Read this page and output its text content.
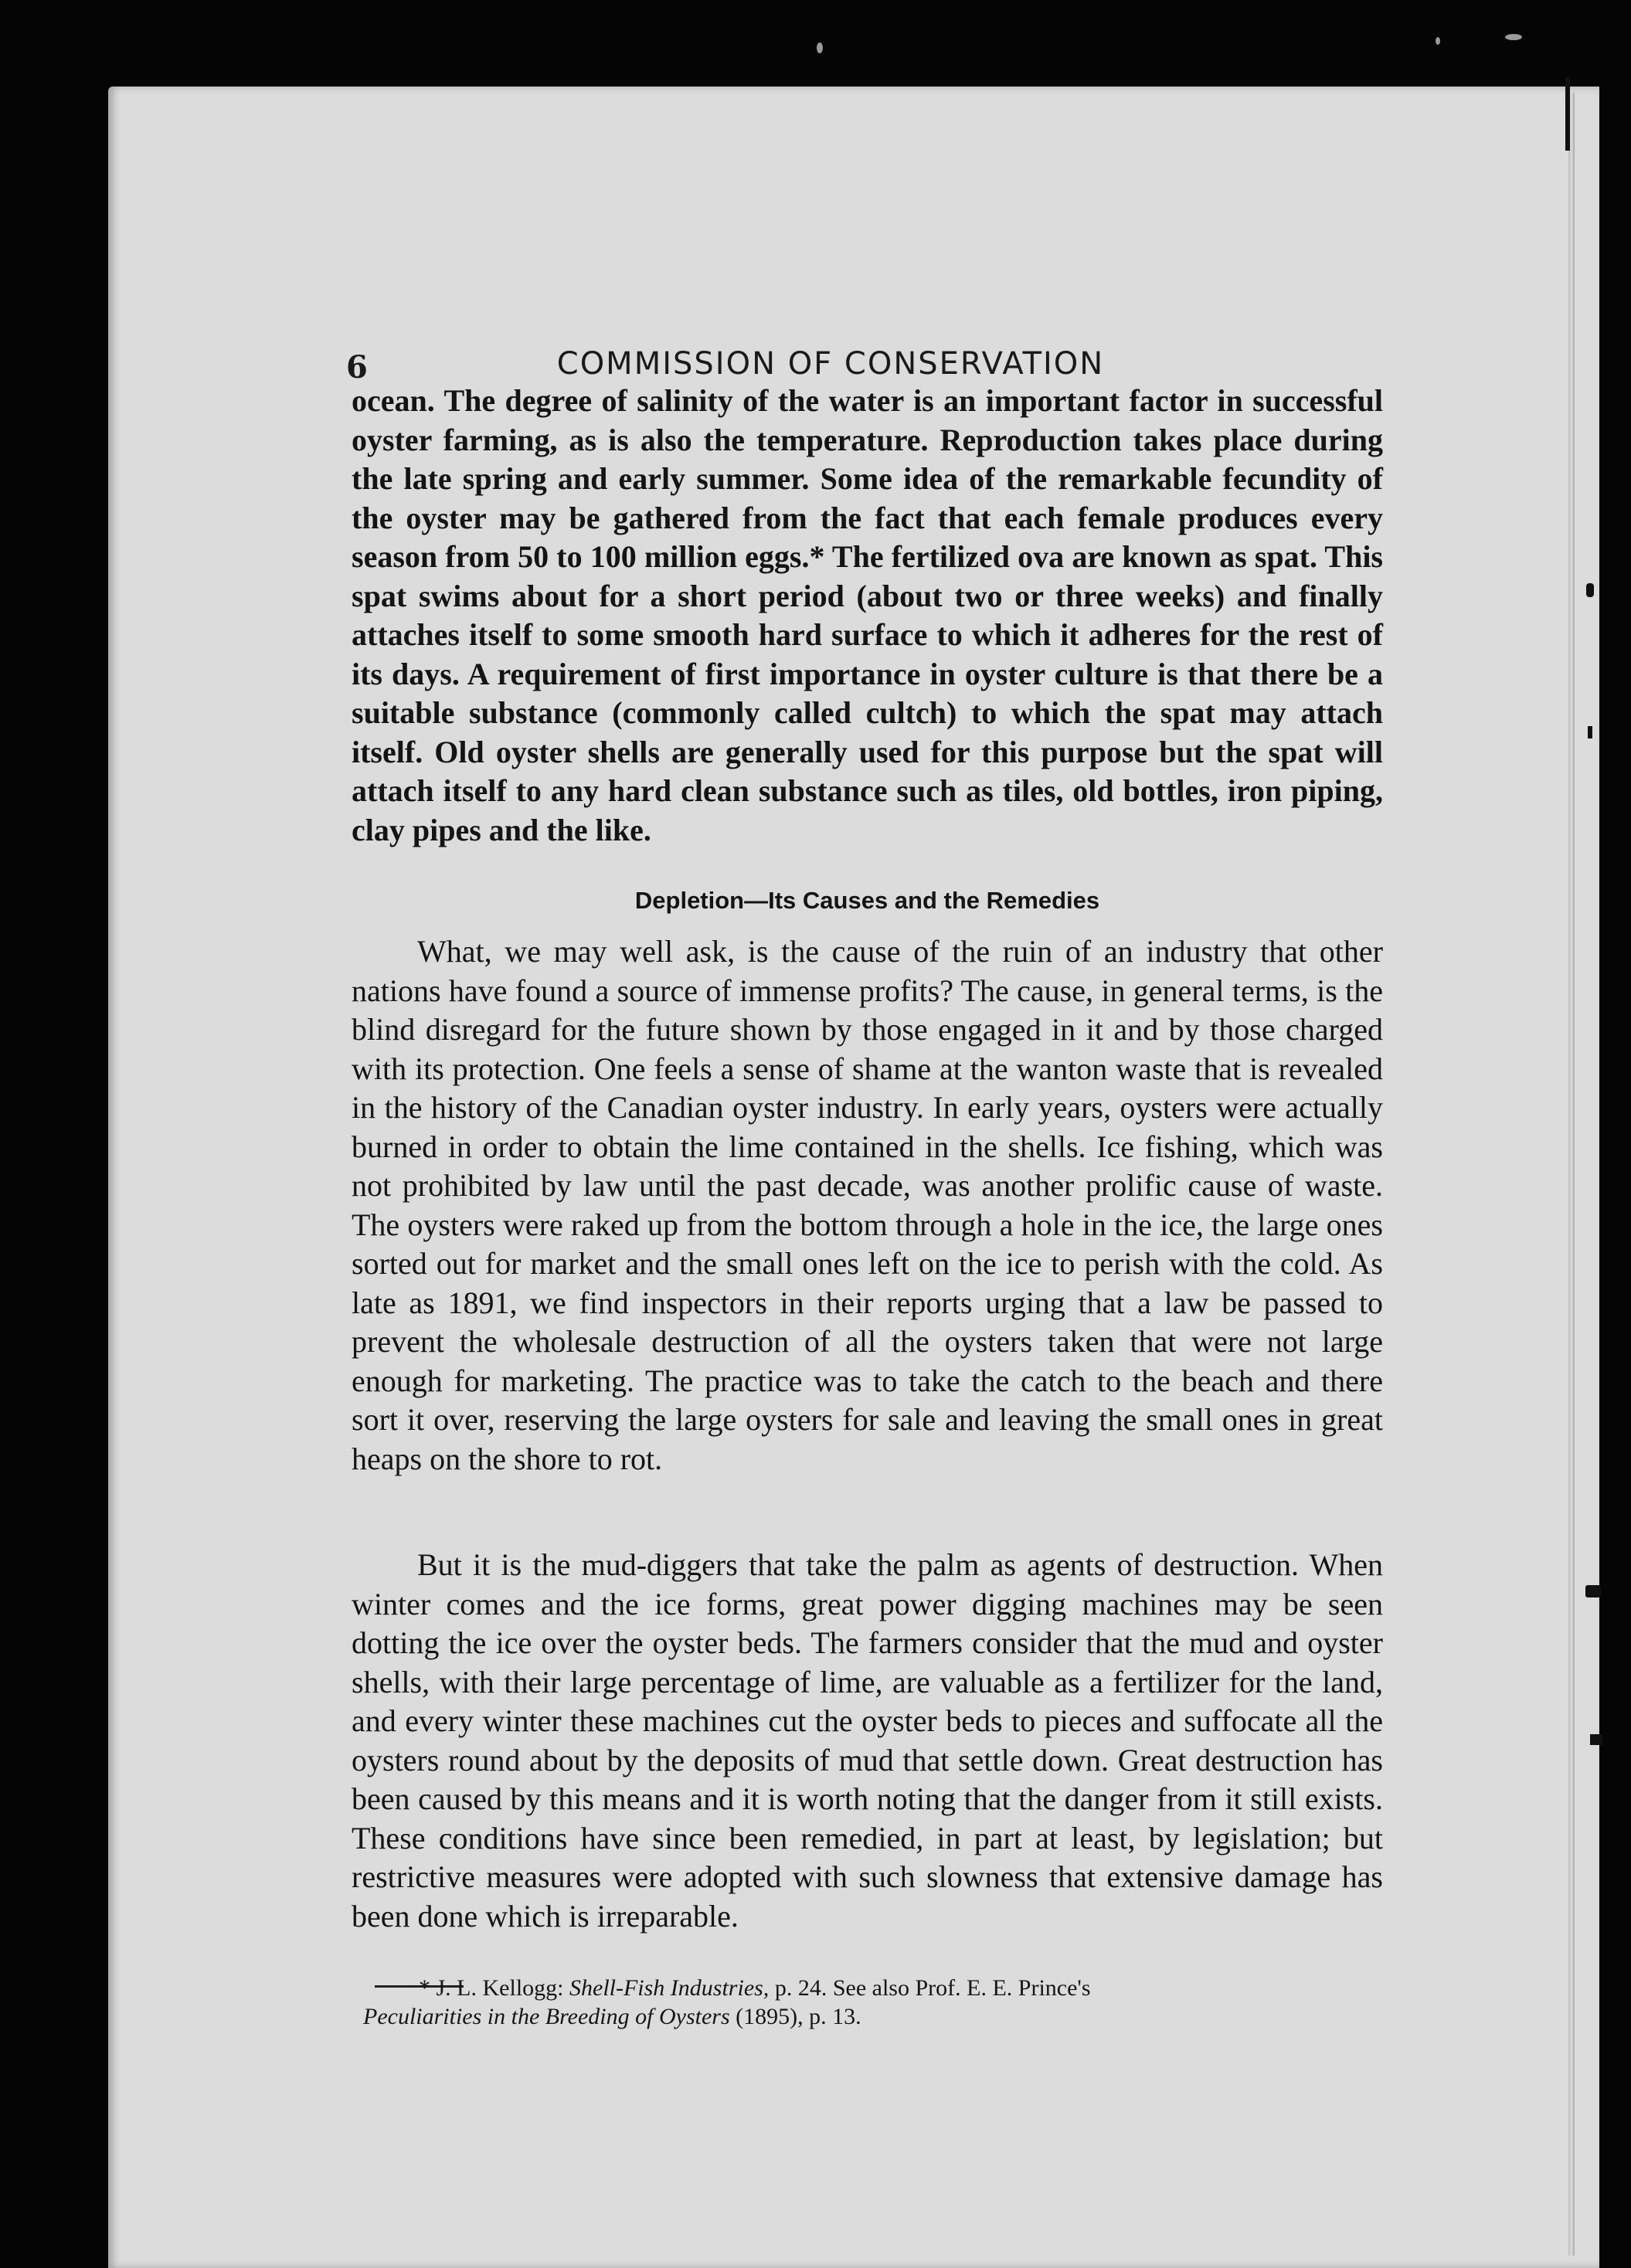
6	COMMISSION OF CONSERVATION

ocean. The degree of salinity of the water is an important factor in successful oyster farming, as is also the temperature. Reproduction takes place during the late spring and early summer. Some idea of the remarkable fecundity of the oyster may be gathered from the fact that each female produces every season from 50 to 100 million eggs.* The fertilized ova are known as spat. This spat swims about for a short period (about two or three weeks) and finally attaches itself to some smooth hard surface to which it adheres for the rest of its days. A requirement of first importance in oyster culture is that there be a suitable substance (commonly called cultch) to which the spat may attach itself. Old oyster shells are generally used for this purpose but the spat will attach itself to any hard clean substance such as tiles, old bottles, iron piping, clay pipes and the like.

Depletion—Its Causes and the Remedies

What, we may well ask, is the cause of the ruin of an industry that other nations have found a source of immense profits? The cause, in general terms, is the blind disregard for the future shown by those engaged in it and by those charged with its protection. One feels a sense of shame at the wanton waste that is revealed in the history of the Canadian oyster industry. In early years, oysters were actually burned in order to obtain the lime contained in the shells. Ice fishing, which was not prohibited by law until the past decade, was another prolific cause of waste. The oysters were raked up from the bottom through a hole in the ice, the large ones sorted out for market and the small ones left on the ice to perish with the cold. As late as 1891, we find inspectors in their reports urging that a law be passed to prevent the wholesale destruction of all the oysters taken that were not large enough for marketing. The practice was to take the catch to the beach and there sort it over, reserving the large oysters for sale and leaving the small ones in great heaps on the shore to rot.

But it is the mud-diggers that take the palm as agents of destruction. When winter comes and the ice forms, great power digging machines may be seen dotting the ice over the oyster beds. The farmers consider that the mud and oyster shells, with their large percentage of lime, are valuable as a fertilizer for the land, and every winter these machines cut the oyster beds to pieces and suffocate all the oysters round about by the deposits of mud that settle down. Great destruction has been caused by this means and it is worth noting that the danger from it still exists. These conditions have since been remedied, in part at least, by legislation; but restrictive measures were adopted with such slowness that extensive damage has been done which is irreparable.

* J. L. Kellogg: Shell-Fish Industries, p. 24. See also Prof. E. E. Prince's
Peculiarities in the Breeding of Oysters (1895), p. 13.
